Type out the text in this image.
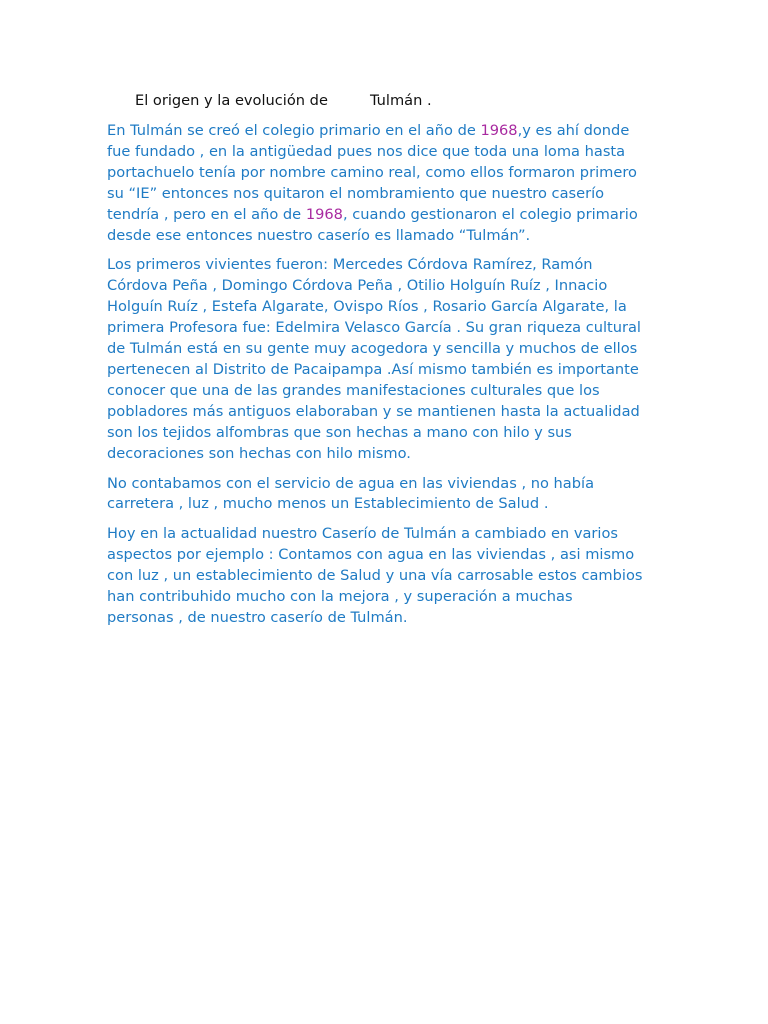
El origen y la evolución de	Tulmán .

En Tulmán se creó el colegio primario en el año de 1968,y es ahí donde
fue fundado , en la antigüedad pues nos dice que toda una loma hasta
portachuelo tenía por nombre camino real, como ellos formaron primero
su “IE” entonces nos quitaron el nombramiento que nuestro caserío
tendría , pero en el año de 1968, cuando gestionaron el colegio primario
desde ese entonces nuestro caserío es llamado “Tulmán”.

Los primeros vivientes fueron: Mercedes Córdova Ramírez, Ramón
Córdova Peña , Domingo Córdova Peña , Otilio Holguín Ruíz , Innacio
Holguín Ruíz , Estefa Algarate, Ovispo Ríos , Rosario García Algarate, la
primera Profesora fue: Edelmira Velasco García . Su gran riqueza cultural
de Tulmán está en su gente muy acogedora y sencilla y muchos de ellos
pertenecen al Distrito de Pacaipampa .Así mismo también es importante
conocer que una de las grandes manifestaciones culturales que los
pobladores más antiguos elaboraban y se mantienen hasta la actualidad
son los tejidos alfombras que son hechas a mano con hilo y sus
decoraciones son hechas con hilo mismo.

No contabamos con el servicio de agua en las viviendas , no había
carretera , luz , mucho menos un Establecimiento de Salud .

Hoy en la actualidad nuestro Caserío de Tulmán a cambiado en varios
aspectos por ejemplo : Contamos con agua en las viviendas , asi mismo
con luz , un establecimiento de Salud y una vía carrosable estos cambios
han contribuhido mucho con la mejora , y superación a muchas
personas , de nuestro caserío de Tulmán.
